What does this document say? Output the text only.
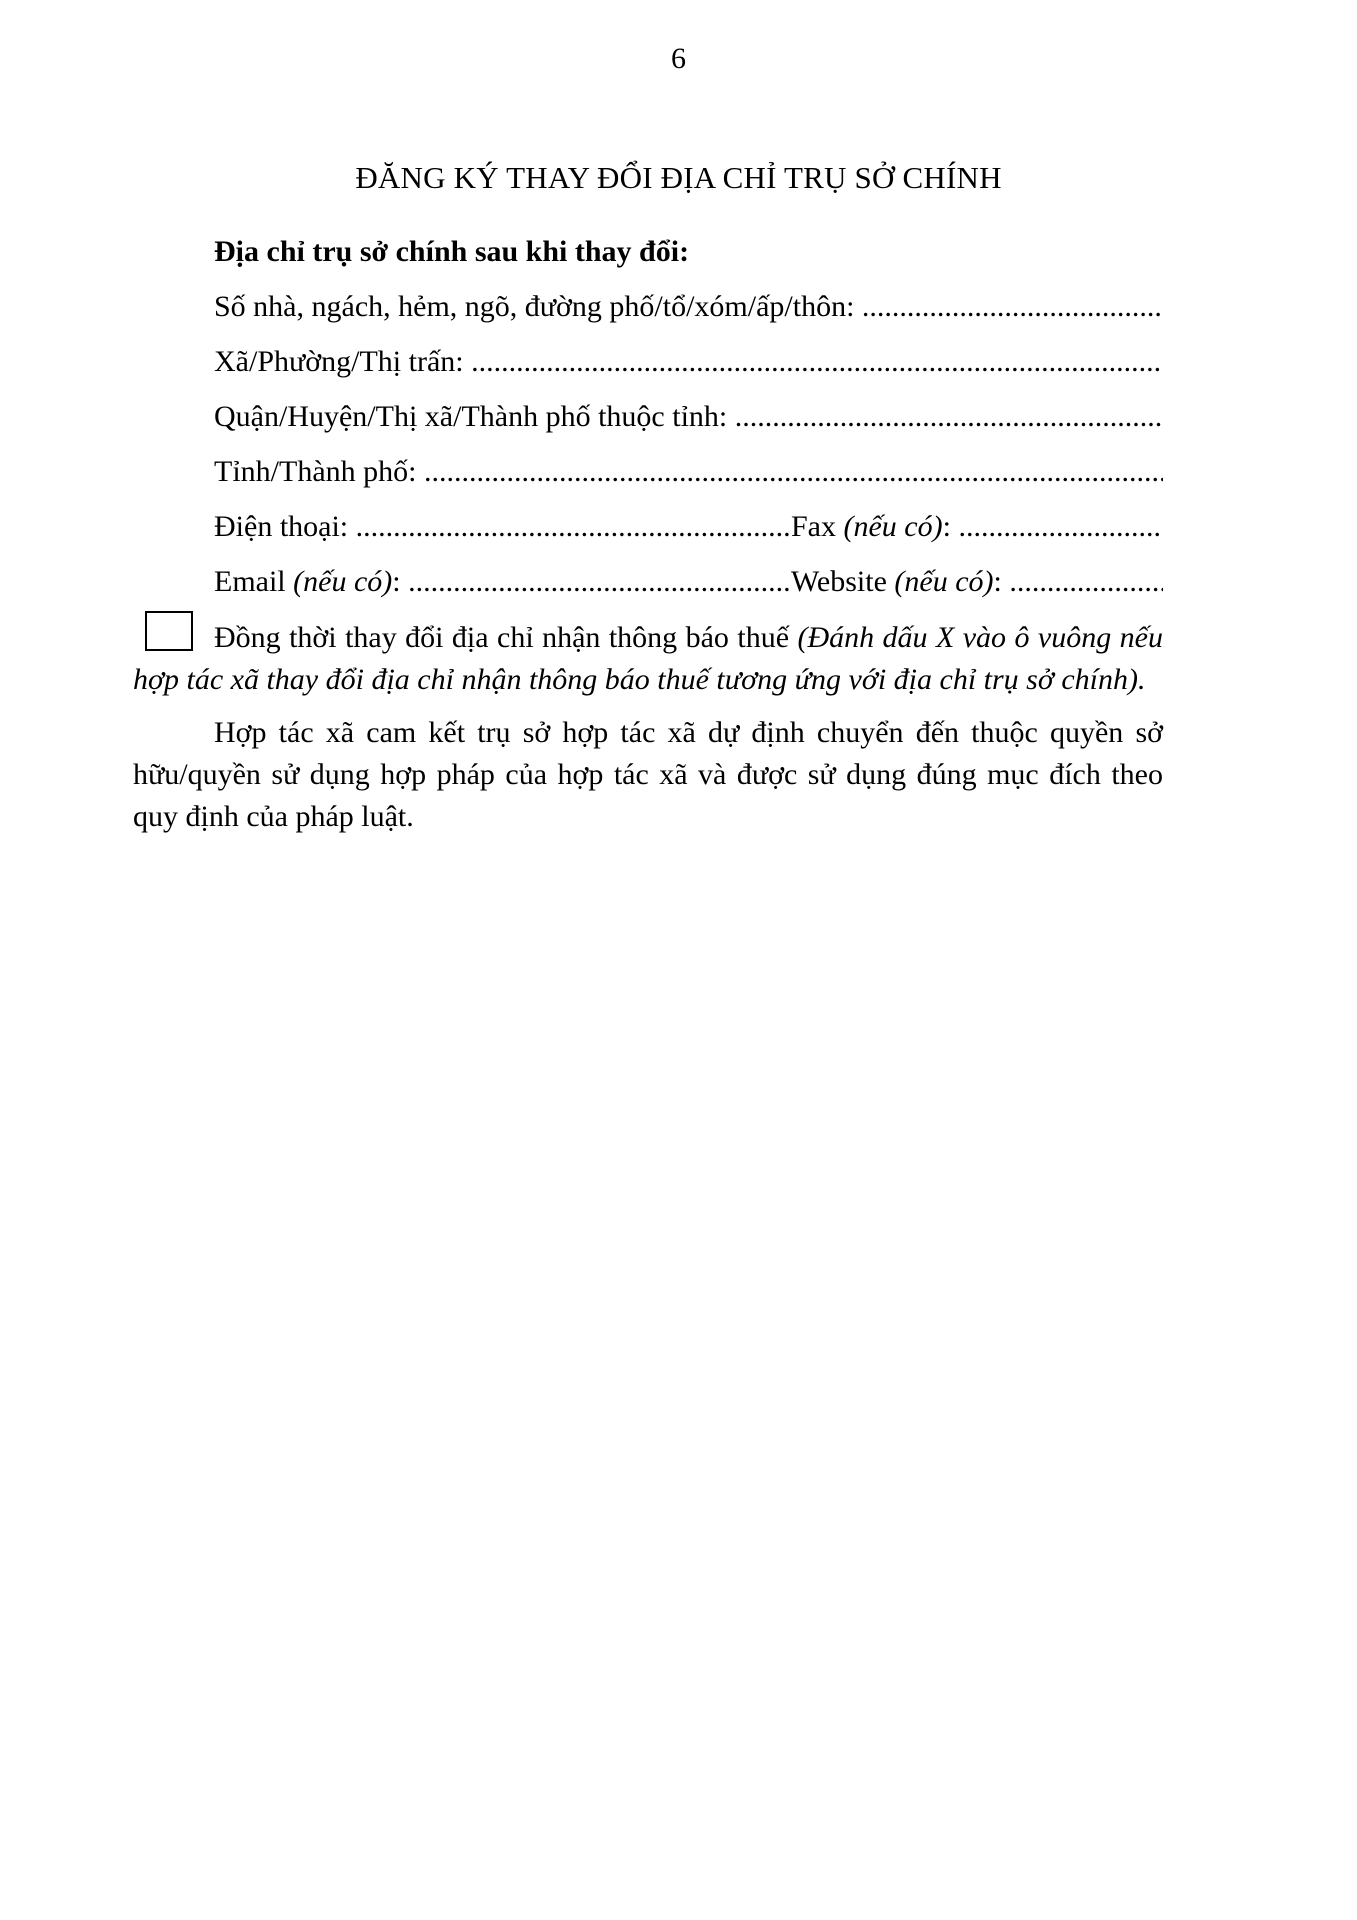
6
ĐĂNG KÝ THAY ĐỔI ĐỊA CHỈ TRỤ SỞ CHÍNH
Địa chỉ trụ sở chính sau khi thay đổi:
Số nhà, ngách, hẻm, ngõ, đường phố/tổ/xóm/ấp/thôn:
.....
Xã/Phường/Thị trấn:
.....
Quận/Huyện/Thị xã/Thành phố thuộc tỉnh:
.....
Tỉnh/Thành phố:
.....
Điện thoại: .....	Fax (nếu có) :
.....
Email (nếu có) : .....	Website (nếu có) :
.....
Đồng thời thay đổi địa chỉ nhận thông báo thuế (Đánh dấu X vào ô vuông nếu hợp tác xã thay đổi địa chỉ nhận thông báo thuế tương ứng với địa chỉ trụ sở chính).
Hợp tác xã cam kết trụ sở hợp tác xã dự định chuyển đến thuộc quyền sở hữu/quyền sử dụng hợp pháp của hợp tác xã và được sử dụng đúng mục đích theo quy định của pháp luật.
